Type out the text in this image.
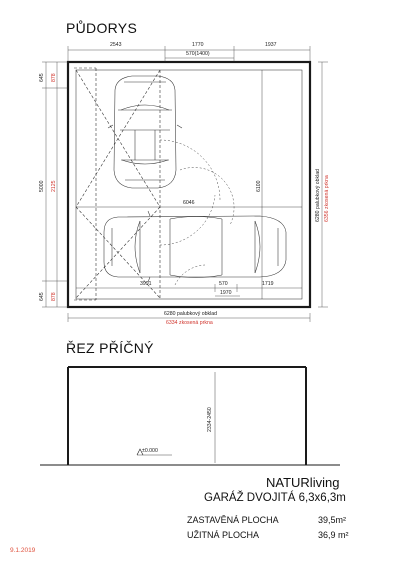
PŮDORYS
2543	1770	1937
570(1400)
645
5000
645
878
2125
878
6100	6280 palubkový obklad 6356 zkosená prkna
6046
3991	570	1719
1970
6280 palubkový obklad
6334 zkosená prkna
ŘEZ PŘÍČNÝ
2334-2450
±0.000
NATURliving
GARÁŽ DVOJITÁ 6,3x6,3m
ZASTAVĚNÁ PLOCHA	39,5m²
UŽITNÁ PLOCHA	36,9 m²
9.1.2019
